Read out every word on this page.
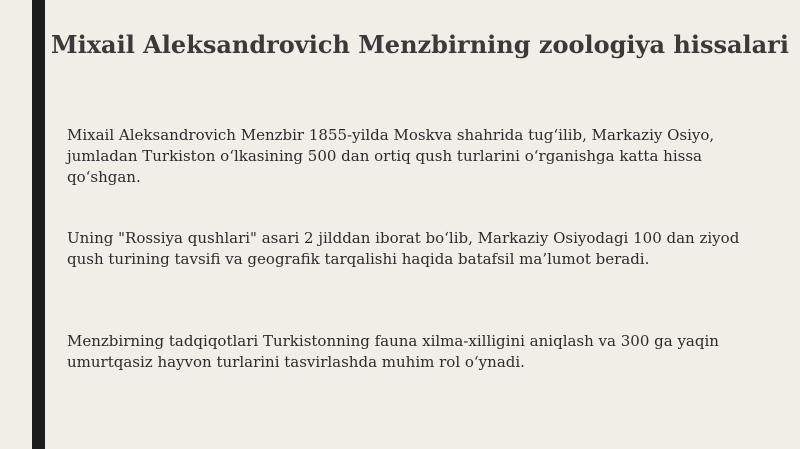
Mixail Aleksandrovich Menzbirning zoologiya hissalari

Mixail Aleksandrovich Menzbir 1855-yilda Moskva shahrida tug‘ilib, Markaziy Osiyo, jumladan Turkiston o‘lkasining 500 dan ortiq qush turlarini o‘rganishga katta hissa qo‘shgan.

Uning "Rossiya qushlari" asari 2 jilddan iborat bo‘lib, Markaziy Osiyodagi 100 dan ziyod qush turining tavsifi va geografik tarqalishi haqida batafsil ma’lumot beradi.

Menzbirning tadqiqotlari Turkistonning fauna xilma-xilligini aniqlash va 300 ga yaqin umurtqasiz hayvon turlarini tasvirlashda muhim rol o‘ynadi.
